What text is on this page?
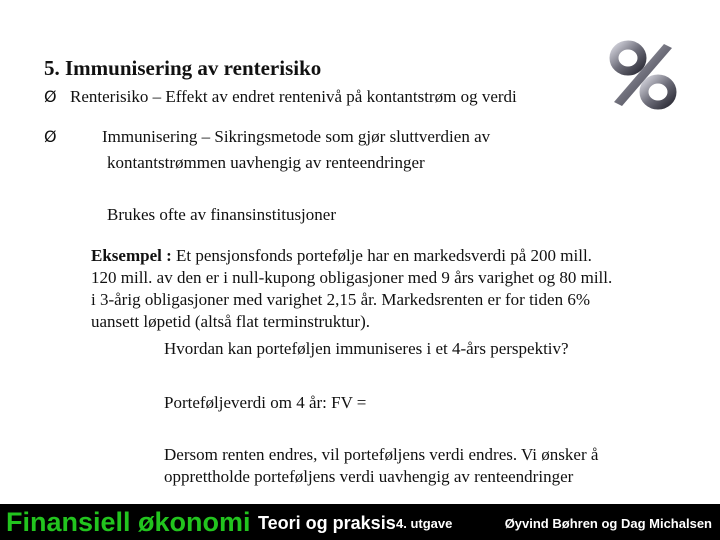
5. Immunisering av renterisiko
Ø Renterisiko – Effekt av endret rentenivå på kontantstrøm og verdi
Ø	Immunisering – Sikringsmetode som gjør sluttverdien av
kontantstrømmen uavhengig av renteendringer
Brukes ofte av finansinstitusjoner
Eksempel : Et pensjonsfonds portefølje har en markedsverdi på 200 mill.
120 mill. av den er i null-kupong obligasjoner med 9 års varighet og 80 mill.
i 3-årig obligasjoner med varighet 2,15 år. Markedsrenten er for tiden 6%
uansett løpetid (altså flat terminstruktur).
Hvordan kan porteføljen immuniseres i et 4-års perspektiv?
Porteføljeverdi om 4 år: FV =
Dersom renten endres, vil porteføljens verdi endres. Vi ønsker å
opprettholde porteføljens verdi uavhengig av renteendringer
Finansiell økonomi Teori og praksis 4. utgave	Øyvind Bøhren og Dag Michalsen
